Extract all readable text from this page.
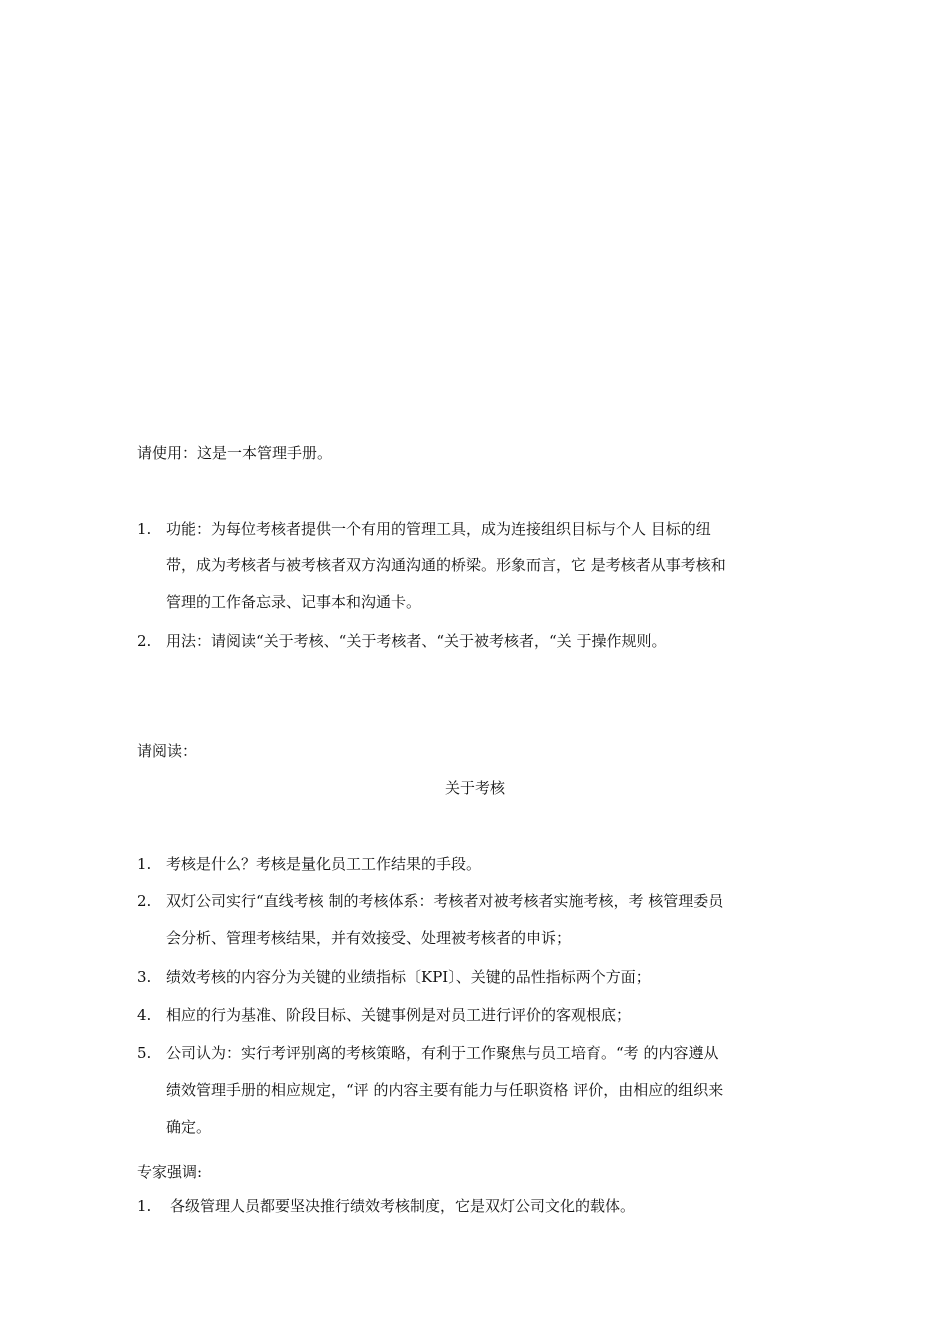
请使用：这是一本管理手册。
1. 功能：为每位考核者提供一个有用的管理工具，成为连接组织目标与个人 目标的纽
带，成为考核者与被考核者双方沟通沟通的桥梁。形象而言，它 是考核者从事考核和
管理的工作备忘录、记事本和沟通卡。
2. 用法：请阅读“关于考核、“关于考核者、“关于被考核者，“关 于操作规则。
请阅读：
关于考核
1. 考核是什么？考核是量化员工工作结果的手段。
2. 双灯公司实行“直线考核 制的考核体系：考核者对被考核者实施考核，考 核管理委员
会分析、管理考核结果，并有效接受、处理被考核者的申诉；
3. 绩效考核的内容分为关键的业绩指标〔KPI〕、关键的品性指标两个方面；
4. 相应的行为基准、阶段目标、关键事例是对员工进行评价的客观根底；
5. 公司认为：实行考评别离的考核策略，有利于工作聚焦与员工培育。“考 的内容遵从
绩效管理手册的相应规定，“评 的内容主要有能力与任职资格 评价，由相应的组织来
确定。
专家强调:
1.	各级管理人员都要坚决推行绩效考核制度，它是双灯公司文化的载体。
